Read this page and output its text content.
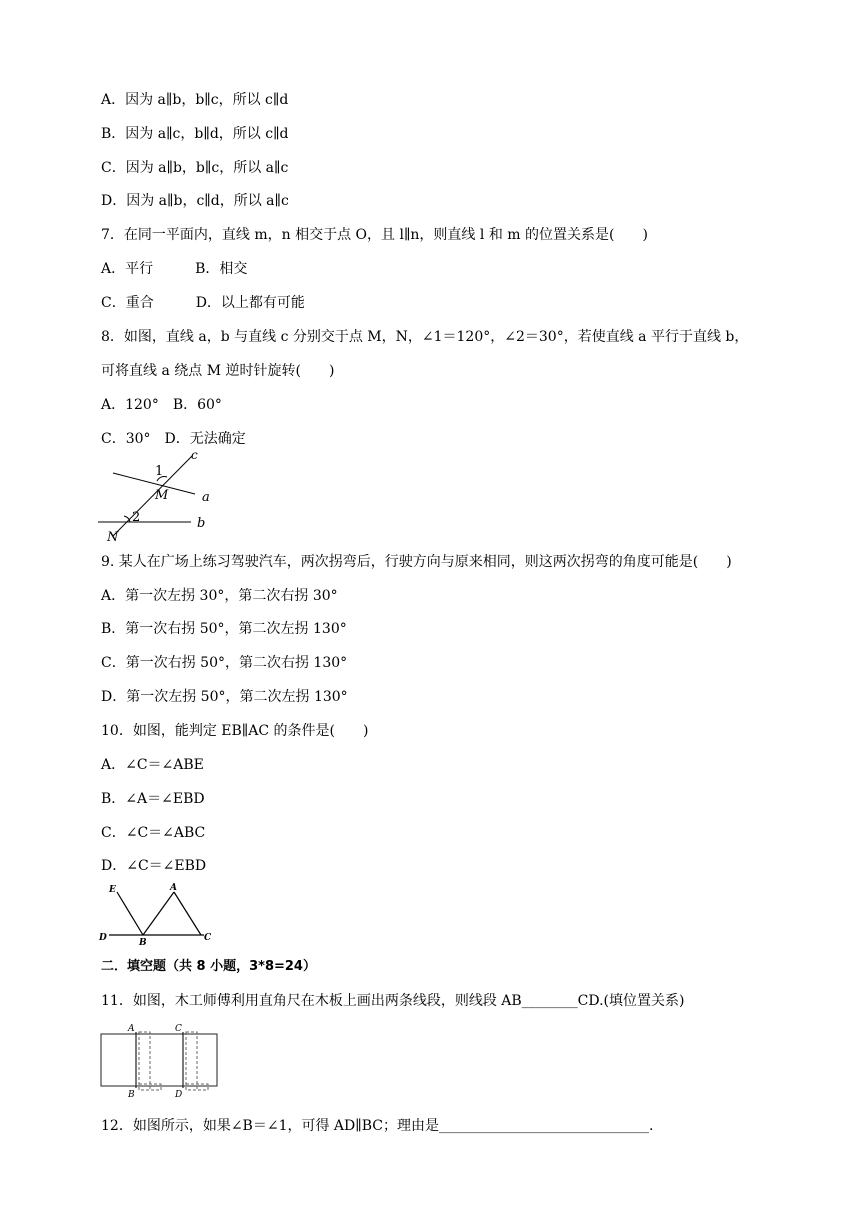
A．因为 a∥b，b∥c，所以 c∥d
B．因为 a∥c，b∥d，所以 c∥d
C．因为 a∥b，b∥c，所以 a∥c
D．因为 a∥b，c∥d，所以 a∥c
7．在同一平面内，直线 m，n 相交于点 O，且 l∥n，则直线 l 和 m 的位置关系是(　　)
A．平行　　　B．相交
C．重合　　　D．以上都有可能
8．如图，直线 a，b 与直线 c 分别交于点 M，N，∠1＝120°，∠2＝30°，若使直线 a 平行于直线 b，
可将直线 a 绕点 M 逆时针旋转(　　)
A．120°　B．60°
C．30°　D．无法确定
c
1
M	a
2	b
N
9. 某人在广场上练习驾驶汽车，两次拐弯后，行驶方向与原来相同，则这两次拐弯的角度可能是(　　)
A．第一次左拐 30°，第二次右拐 30°
B．第一次右拐 50°，第二次左拐 130°
C．第一次右拐 50°，第二次右拐 130°
D．第一次左拐 50°，第二次左拐 130°
10．如图，能判定 EB∥AC 的条件是(　　)
A．∠C＝∠ABE
B．∠A＝∠EBD
C．∠C＝∠ABC
D．∠C＝∠EBD
E	A
D	B	C
二．填空题（共 8 小题，3*8=24）
11．如图，木工师傅利用直角尺在木板上画出两条线段，则线段 AB________CD.(填位置关系)
A	C
B	D
12．如图所示，如果∠B＝∠1，可得 AD∥BC；理由是______________________________.
